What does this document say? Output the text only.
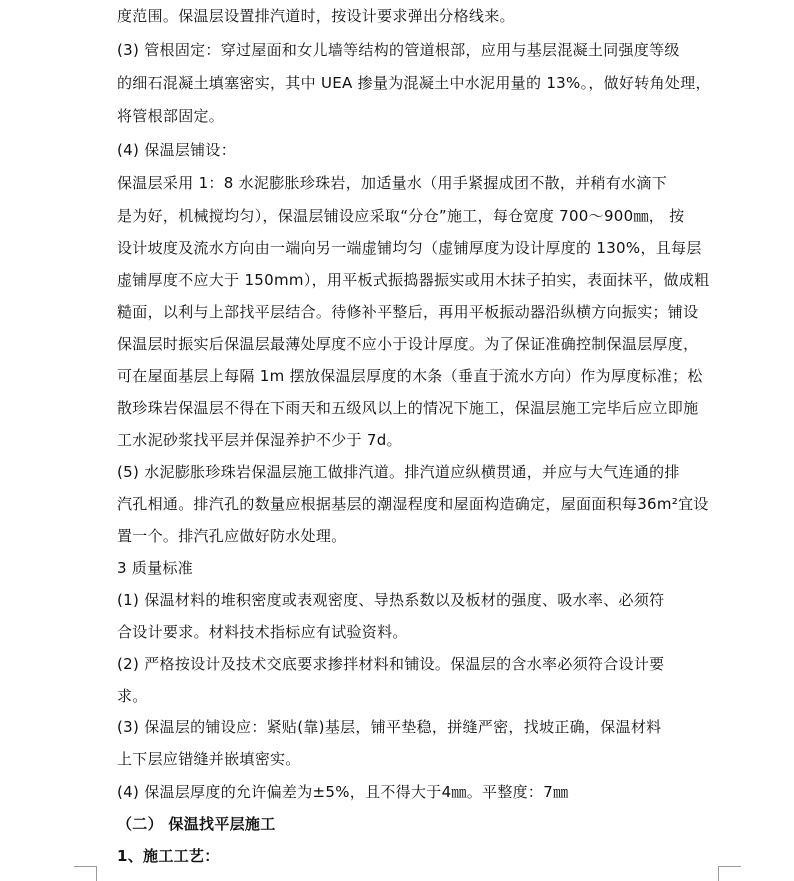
度范围。保温层设置排汽道时，按设计要求弹出分格线来。
(3) 管根固定：穿过屋面和女儿墙等结构的管道根部，应用与基层混凝土同强度等级
的细石混凝土填塞密实，其中 UEA 掺量为混凝土中水泥用量的 13%。，做好转角处理，
将管根部固定。
(4) 保温层铺设：
保温层采用 1：8 水泥膨胀珍珠岩，加适量水（用手紧握成团不散，并稍有水滴下
是为好，机械搅均匀），保温层铺设应采取“分仓”施工，每仓宽度 700～900㎜， 按
设计坡度及流水方向由一端向另一端虚铺均匀（虚铺厚度为设计厚度的 130%，且每层
虚铺厚度不应大于 150mm），用平板式振捣器振实或用木抹子拍实，表面抹平，做成粗
糙面，以利与上部找平层结合。待修补平整后，再用平板振动器沿纵横方向振实；铺设
保温层时振实后保温层最薄处厚度不应小于设计厚度。为了保证准确控制保温层厚度，
可在屋面基层上每隔 1m 摆放保温层厚度的木条（垂直于流水方向）作为厚度标准；松
散珍珠岩保温层不得在下雨天和五级风以上的情况下施工，保温层施工完毕后应立即施
工水泥砂浆找平层并保湿养护不少于 7d。
(5) 水泥膨胀珍珠岩保温层施工做排汽道。排汽道应纵横贯通，并应与大气连通的排
汽孔相通。排汽孔的数量应根据基层的潮湿程度和屋面构造确定，屋面面积每36m²宜设
置一个。排汽孔应做好防水处理。
3 质量标准
(1) 保温材料的堆积密度或表观密度、导热系数以及板材的强度、吸水率、必须符
合设计要求。材料技术指标应有试验资料。
(2) 严格按设计及技术交底要求掺拌材料和铺设。保温层的含水率必须符合设计要
求。
(3) 保温层的铺设应：紧贴(靠)基层，铺平垫稳，拼缝严密，找坡正确，保温材料
上下层应错缝并嵌填密实。
(4) 保温层厚度的允许偏差为±5%，且不得大于4㎜。平整度：7㎜
（二） 保温找平层施工
1、施工工艺：
